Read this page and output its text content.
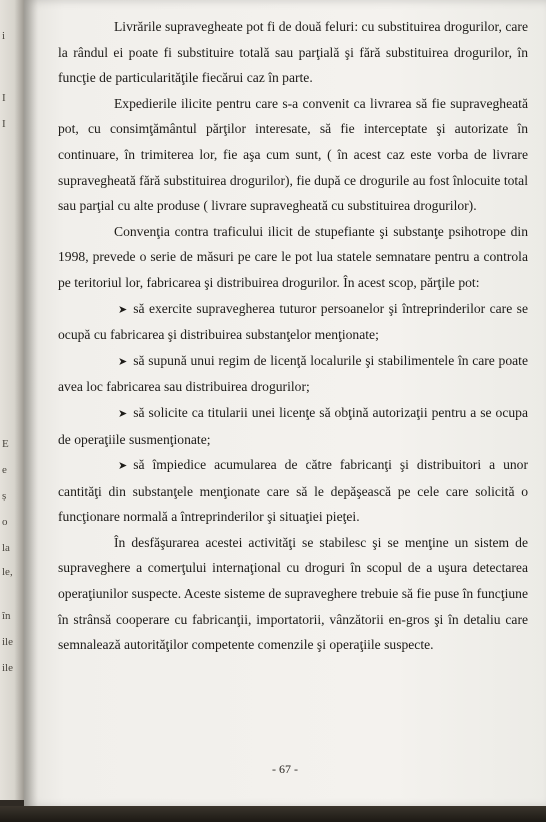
i
I
I
E
e
ș
o
la
le,
în
ile
ile

Livrările supravegheate pot fi de două feluri: cu substituirea drogurilor, care la rândul ei poate fi substituire totală sau parţială şi fără substituirea drogurilor, în funcţie de particularităţile fiecărui caz în parte.

Expedierile ilicite pentru care s-a convenit ca livrarea să fie supravegheată pot, cu consimţământul părţilor interesate, să fie interceptate şi autorizate în continuare, în trimiterea lor, fie aşa cum sunt, ( în acest caz este vorba de livrare supravegheată fără substituirea drogurilor), fie după ce drogurile au fost înlocuite total sau parţial cu alte produse ( livrare supravegheată cu substituirea drogurilor).

Convenţia contra traficului ilicit de stupefiante şi substanţe psihotrope din 1998, prevede o serie de măsuri pe care le pot lua statele semnatare pentru a controla pe teritoriul lor, fabricarea şi distribuirea drogurilor. În acest scop, părţile pot:

➤ să exercite supravegherea tuturor persoanelor şi întreprinderilor care se ocupă cu fabricarea şi distribuirea substanţelor menţionate;

➤ să supună unui regim de licenţă localurile şi stabilimentele în care poate avea loc fabricarea sau distribuirea drogurilor;

➤ să solicite ca titularii unei licenţe să obţină autorizaţii pentru a se ocupa de operaţiile susmenţionate;

➤ să împiedice acumularea de către fabricanţi şi distribuitori a unor cantităţi din substanţele menţionate care să le depăşească pe cele care solicită o funcţionare normală a întreprinderilor şi situaţiei pieţei.

În desfăşurarea acestei activităţi se stabilesc şi se menţine un sistem de supraveghere a comerţului internaţional cu droguri în scopul de a uşura detectarea operaţiunilor suspecte. Aceste sisteme de supraveghere trebuie să fie puse în funcţiune în strânsă cooperare cu fabricanţii, importatorii, vânzătorii en-gros şi în detaliu care semnalează autorităţilor competente comenzile şi operaţiile suspecte.

- 67 -
